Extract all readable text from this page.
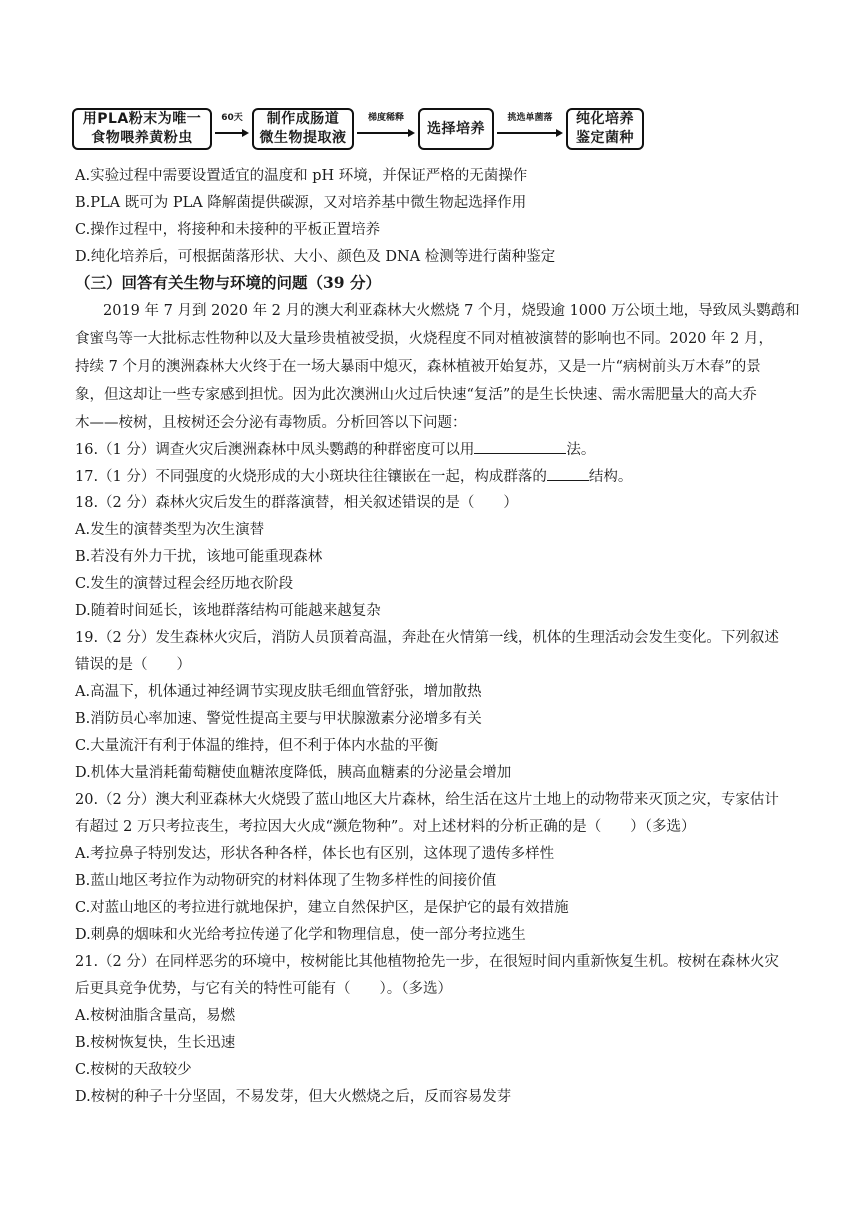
用PLA粉末为唯一
食物喂养黄粉虫
60天	制作成肠道
微生物提取液
梯度稀释
选择培养
挑选单菌落	纯化培养
鉴定菌种
A.实验过程中需要设置适宜的温度和 pH 环境，并保证严格的无菌操作
B.PLA 既可为 PLA 降解菌提供碳源，又对培养基中微生物起选择作用
C.操作过程中，将接种和未接种的平板正置培养
D.纯化培养后，可根据菌落形状、大小、颜色及 DNA 检测等进行菌种鉴定
（三）回答有关生物与环境的问题（39 分）
2019 年 7 月到 2020 年 2 月的澳大利亚森林大火燃烧 7 个月，烧毁逾 1000 万公顷土地，导致凤头鹦鹉和
食蜜鸟等一大批标志性物种以及大量珍贵植被受损，火烧程度不同对植被演替的影响也不同。2020 年 2 月，
持续 7 个月的澳洲森林大火终于在一场大暴雨中熄灭，森林植被开始复苏，又是一片“病树前头万木春”的景
象，但这却让一些专家感到担忧。因为此次澳洲山火过后快速“复活”的是生长快速、需水需肥量大的高大乔
木——桉树，且桉树还会分泌有毒物质。分析回答以下问题：
16.（1 分）调查火灾后澳洲森林中凤头鹦鹉的种群密度可以用	法。
17.（1 分）不同强度的火烧形成的大小斑块往往镶嵌在一起，构成群落的	结构。
18.（2 分）森林火灾后发生的群落演替，相关叙述错误的是（　　）
A.发生的演替类型为次生演替
B.若没有外力干扰，该地可能重现森林
C.发生的演替过程会经历地衣阶段
D.随着时间延长，该地群落结构可能越来越复杂
19.（2 分）发生森林火灾后，消防人员顶着高温，奔赴在火情第一线，机体的生理活动会发生变化。下列叙述
错误的是（　　）
A.高温下，机体通过神经调节实现皮肤毛细血管舒张，增加散热
B.消防员心率加速、警觉性提高主要与甲状腺激素分泌增多有关
C.大量流汗有利于体温的维持，但不利于体内水盐的平衡
D.机体大量消耗葡萄糖使血糖浓度降低，胰高血糖素的分泌量会增加
20.（2 分）澳大利亚森林大火烧毁了蓝山地区大片森林，给生活在这片土地上的动物带来灭顶之灾，专家估计
有超过 2 万只考拉丧生，考拉因大火成“濒危物种”。对上述材料的分析正确的是（　　）（多选）
A.考拉鼻子特别发达，形状各种各样，体长也有区别，这体现了遗传多样性
B.蓝山地区考拉作为动物研究的材料体现了生物多样性的间接价值
C.对蓝山地区的考拉进行就地保护，建立自然保护区，是保护它的最有效措施
D.刺鼻的烟味和火光给考拉传递了化学和物理信息，使一部分考拉逃生
21.（2 分）在同样恶劣的环境中，桉树能比其他植物抢先一步，在很短时间内重新恢复生机。桉树在森林火灾
后更具竞争优势，与它有关的特性可能有（　　）。（多选）
A.桉树油脂含量高，易燃
B.桉树恢复快，生长迅速
C.桉树的天敌较少
D.桉树的种子十分坚固，不易发芽，但大火燃烧之后，反而容易发芽
